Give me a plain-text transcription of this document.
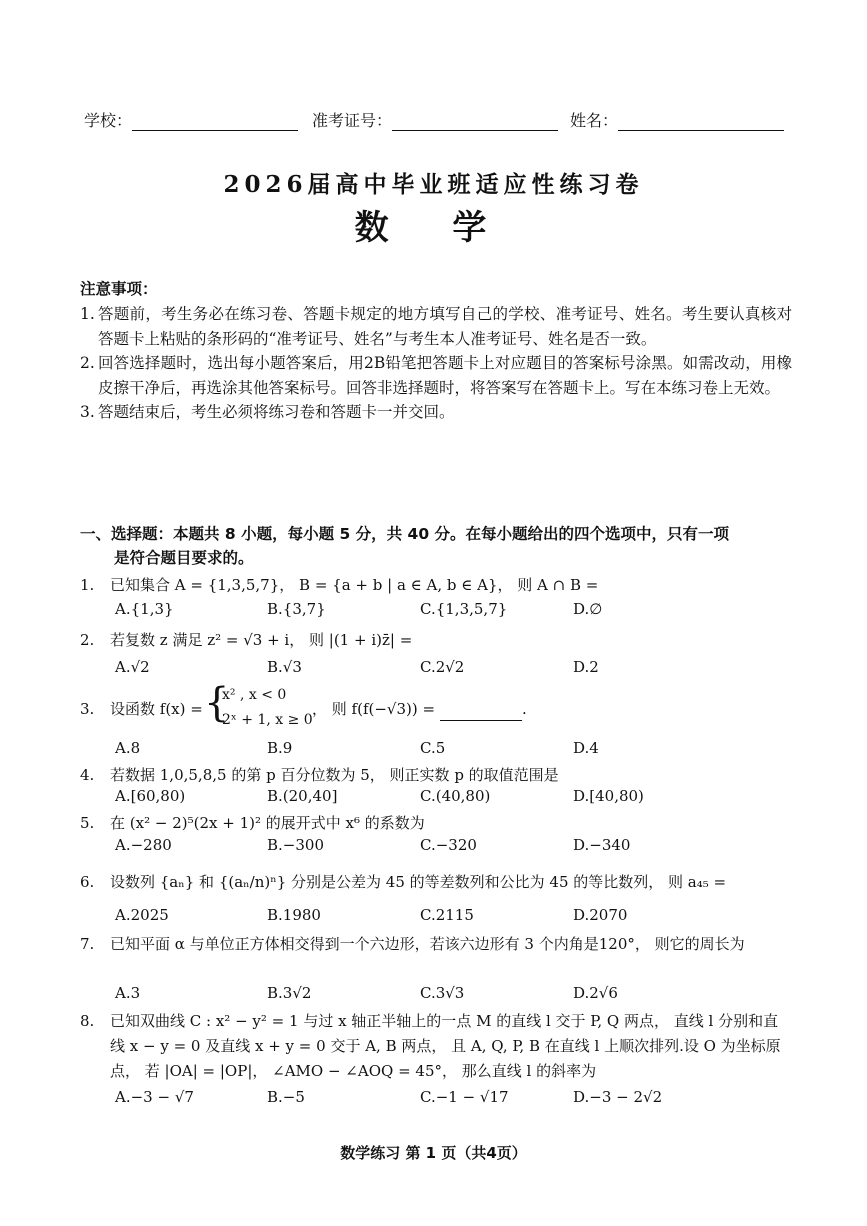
学校：	准考证号：	姓名：
2026届高中毕业班适应性练习卷
数 学
注意事项：
1. 答题前，考生务必在练习卷、答题卡规定的地方填写自己的学校、准考证号、姓名。考生要认真核对答题卡上粘贴的条形码的“准考证号、姓名”与考生本人准考证号、姓名是否一致。
2. 回答选择题时，选出每小题答案后，用2B铅笔把答题卡上对应题目的答案标号涂黑。如需改动，用橡皮擦干净后，再选涂其他答案标号。回答非选择题时，将答案写在答题卡上。写在本练习卷上无效。
3. 答题结束后，考生必须将练习卷和答题卡一并交回。
一、选择题：本题共 8 小题，每小题 5 分，共 40 分。在每小题给出的四个选项中，只有一项
是符合题目要求的。
1. 已知集合 A = {1,3,5,7}， B = {a + b | a ∈ A, b ∈ A}， 则 A ∩ B =
A.{1,3}	B.{3,7}	C.{1,3,5,7}	D.∅
2. 若复数 z 满足 z² = √3 + i， 则 |(1 + i)z̄| =
A.√2	B.√3	C.2√2	D.2
3.	设函数 f(x) = {
x² , x < 0
2ˣ + 1, x ≥ 0
， 则 f(f(−√3)) =	.
A.8	B.9	C.5	D.4
4. 若数据 1,0,5,8,5 的第 p 百分位数为 5， 则正实数 p 的取值范围是
A.[60,80)	B.(20,40]	C.(40,80)	D.[40,80)
5. 在 (x² − 2)⁵(2x + 1)² 的展开式中 x⁶ 的系数为
A.−280	B.−300	C.−320	D.−340
6. 设数列 {aₙ} 和 {(aₙ/n)ⁿ} 分别是公差为 45 的等差数列和公比为 45 的等比数列， 则 a₄₅ =
A.2025	B.1980	C.2115	D.2070
7. 已知平面 α 与单位正方体相交得到一个六边形，若该六边形有 3 个内角是120°， 则它的周长为
A.3	B.3√2	C.3√3	D.2√6
8. 已知双曲线 C : x² − y² = 1 与过 x 轴正半轴上的一点 M 的直线 l 交于 P, Q 两点， 直线 l 分别和直线 x − y = 0 及直线 x + y = 0 交于 A, B 两点， 且 A, Q, P, B 在直线 l 上顺次排列.设 O 为坐标原点， 若 |OA| = |OP|， ∠AMO − ∠AOQ = 45°， 那么直线 l 的斜率为
A.−3 − √7	B.−5	C.−1 − √17	D.−3 − 2√2
数学练习 第 1 页（共4页）
